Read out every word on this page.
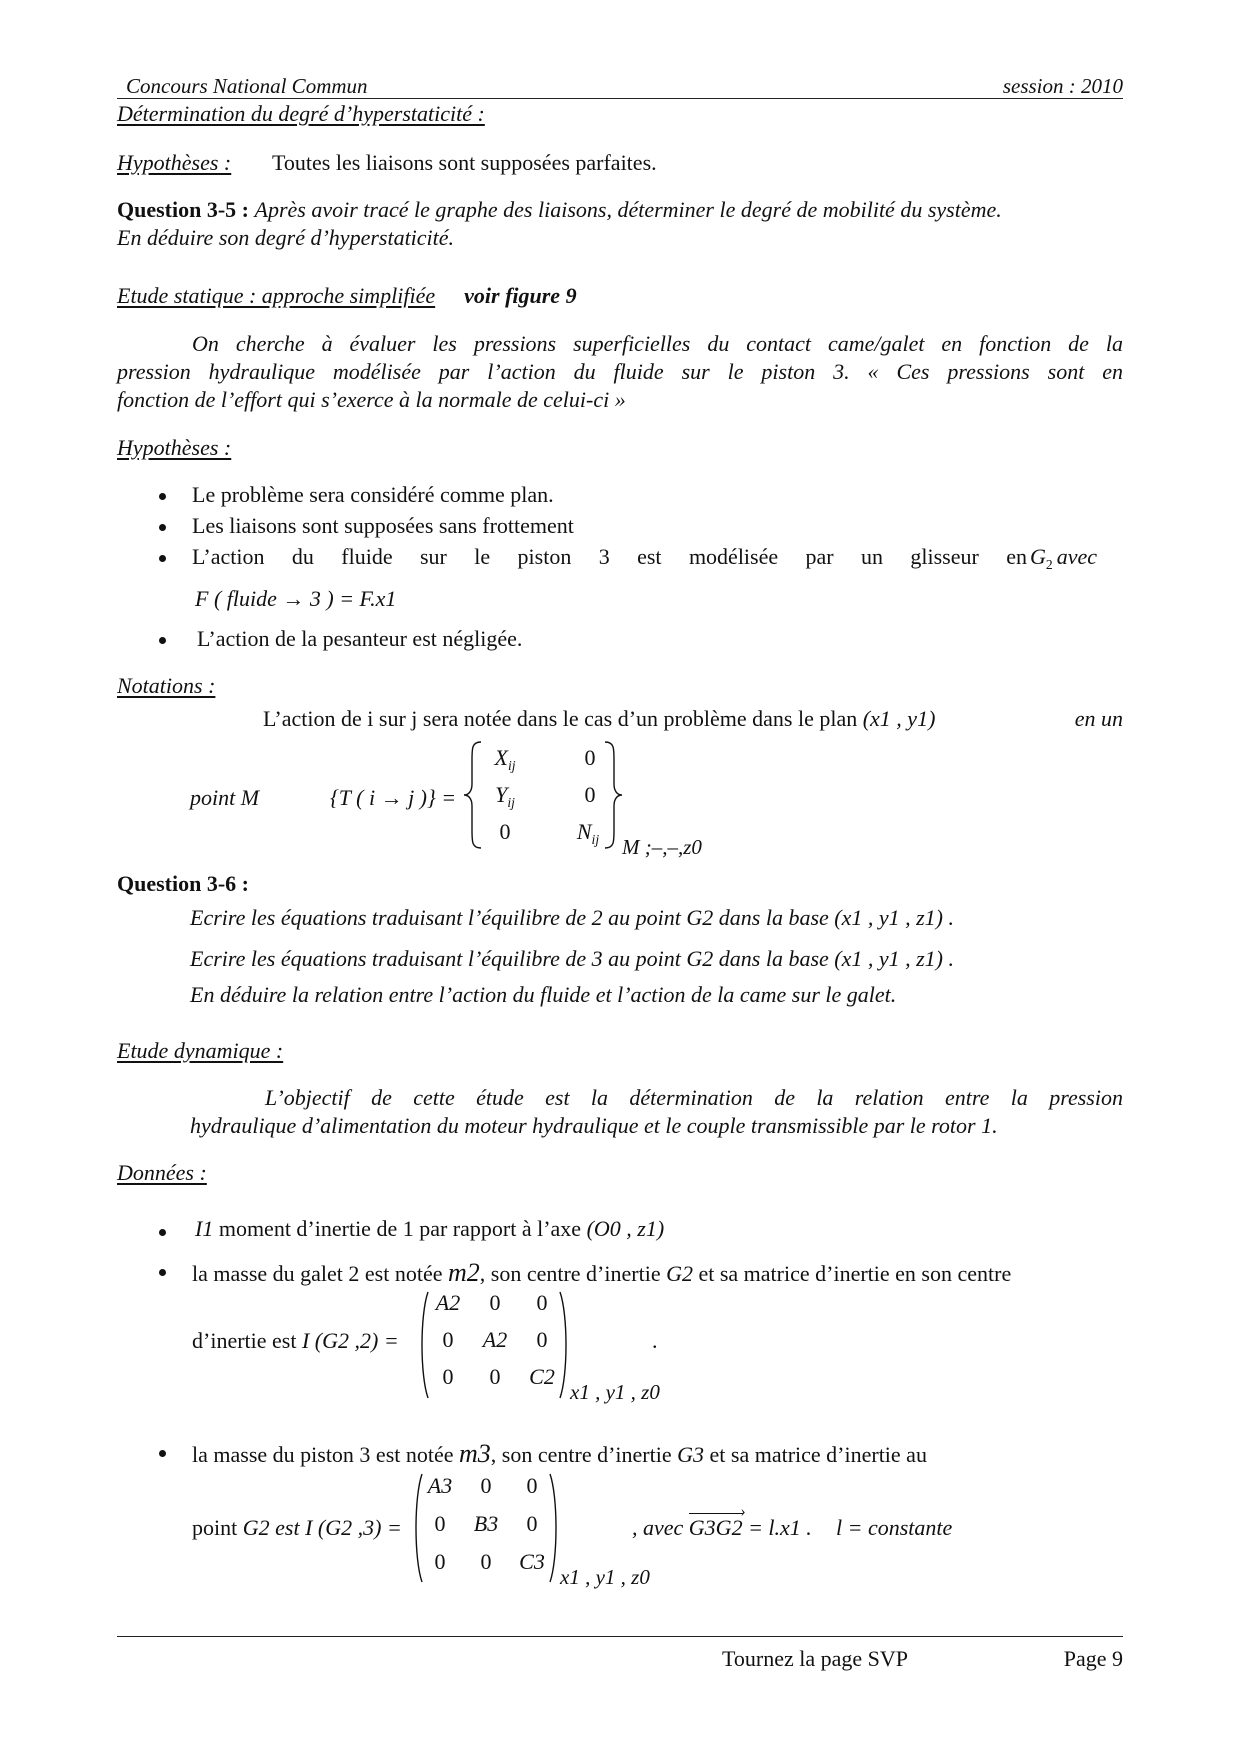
Concours National Commun	session : 2010
Détermination du degré d’hyperstaticité :
Hypothèses : Toutes les liaisons sont supposées parfaites.
Question 3-5 : Après avoir tracé le graphe des liaisons, déterminer le degré de mobilité du système.
En déduire son degré d’hyperstaticité.
Etude statique : approche simplifiée voir figure 9
On cherche à évaluer les pressions superficielles du contact came/galet en fonction de la
pression hydraulique modélisée par l’action du fluide sur le piston 3. « Ces pressions sont en
fonction de l’effort qui s’exerce à la normale de celui-ci »
Hypothèses :
Le problème sera considéré comme plan.
Les liaisons sont supposées sans frottement
L’action du fluide sur le piston 3 est modélisée par un glisseur en $G_2$ avec
F ( fluide → 3 ) = F.x1
L’action de la pesanteur est négligée.
Notations :
L’action de i sur j sera notée dans le cas d’un problème dans le plan (x1 , y1)	en un
point M	{T ( i → j )} =
$X_{ij}$	0
$Y_{ij}$	0
0	$N_{ij}$	M ;–,–,z0
Question 3-6 :
Ecrire les équations traduisant l’équilibre de 2 au point G2 dans la base (x1 , y1 , z1) .
Ecrire les équations traduisant l’équilibre de 3 au point G2 dans la base (x1 , y1 , z1) .
En déduire la relation entre l’action du fluide et l’action de la came sur le galet.
Etude dynamique :
L’objectif de cette étude est la détermination de la relation entre la pression
hydraulique d’alimentation du moteur hydraulique et le couple transmissible par le rotor 1.
Données :
I1 moment d’inertie de 1 par rapport à l’axe (O0 , z1)
la masse du galet 2 est notée m2, son centre d’inertie G2 et sa matrice d’inertie en son centre
d’inertie est I (G2 ,2) =
A2	0	0
0	A2	0
0	0	C2
x1 , y1 , z0
.
la masse du piston 3 est notée m3, son centre d’inertie G3 et sa matrice d’inertie au
point G2 est I (G2 ,3) =
A3	0	0
0	B3	0
0	0	C3
x1 , y1 , z0
, avec G3G2 › = l.x1 . l = constante
Tournez la page SVP	Page 9
